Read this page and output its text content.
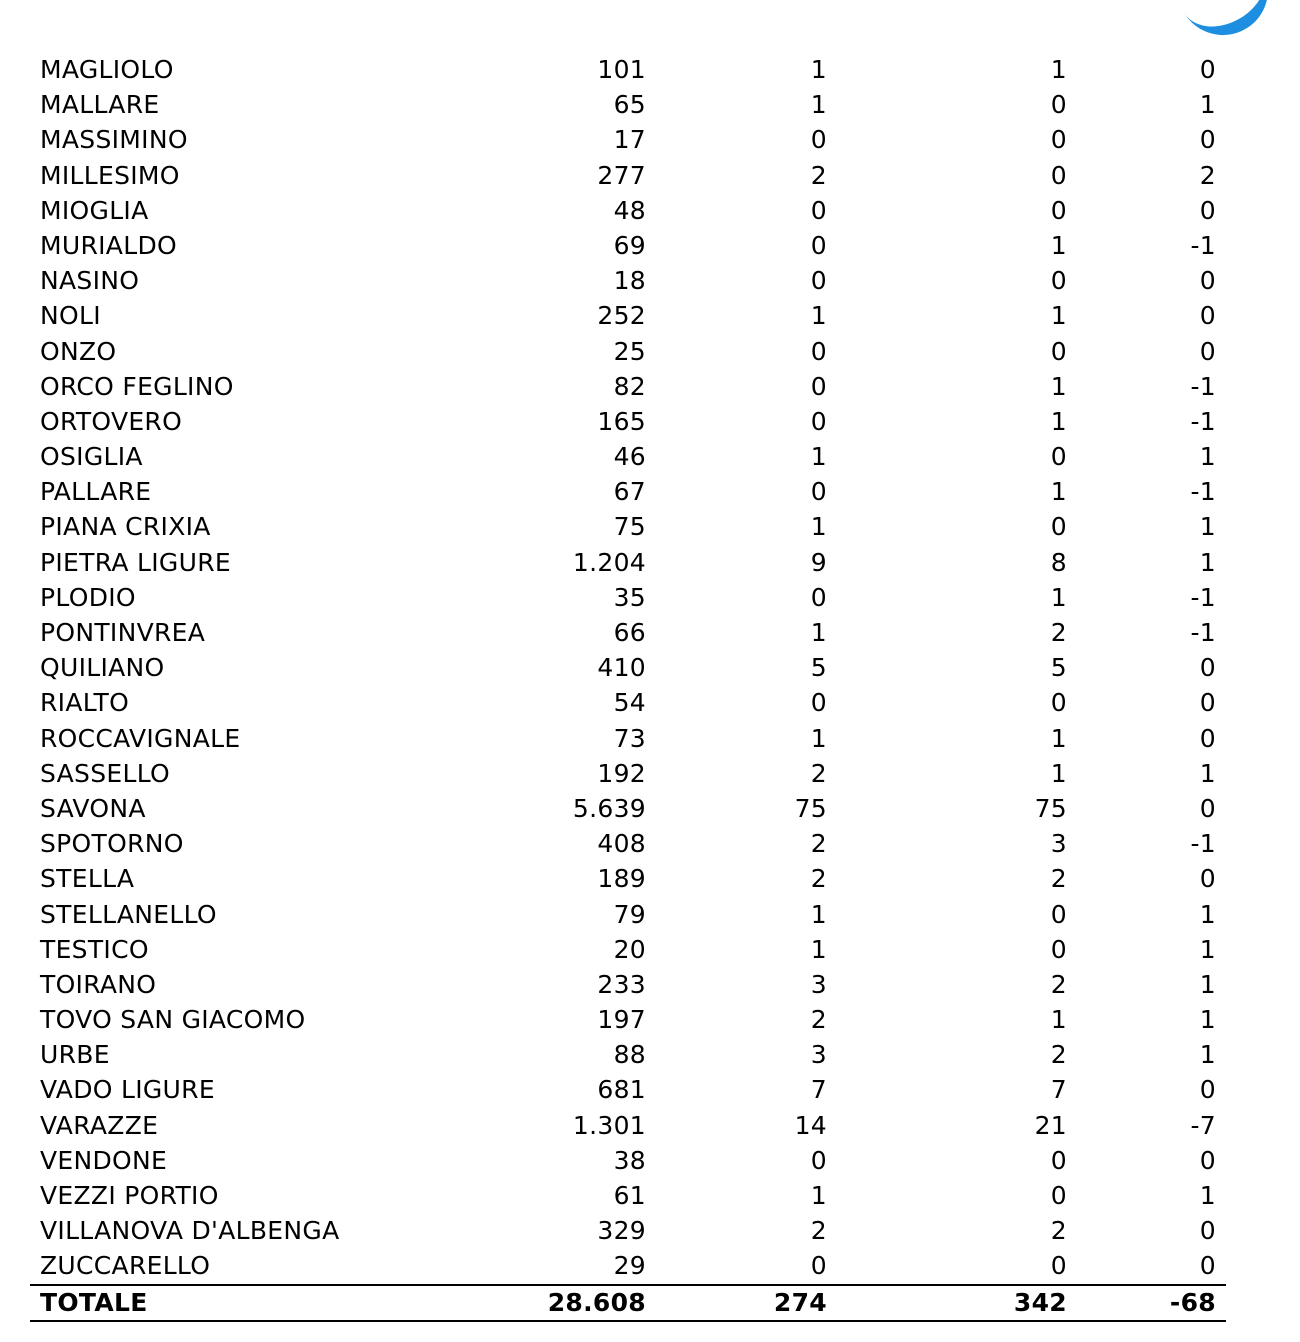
MAGLIOLO	101	1	1	0
MALLARE	65	1	0	1
MASSIMINO	17	0	0	0
MILLESIMO	277	2	0	2
MIOGLIA	48	0	0	0
MURIALDO	69	0	1	-1
NASINO	18	0	0	0
NOLI	252	1	1	0
ONZO	25	0	0	0
ORCO FEGLINO	82	0	1	-1
ORTOVERO	165	0	1	-1
OSIGLIA	46	1	0	1
PALLARE	67	0	1	-1
PIANA CRIXIA	75	1	0	1
PIETRA LIGURE	1.204	9	8	1
PLODIO	35	0	1	-1
PONTINVREA	66	1	2	-1
QUILIANO	410	5	5	0
RIALTO	54	0	0	0
ROCCAVIGNALE	73	1	1	0
SASSELLO	192	2	1	1
SAVONA	5.639	75	75	0
SPOTORNO	408	2	3	-1
STELLA	189	2	2	0
STELLANELLO	79	1	0	1
TESTICO	20	1	0	1
TOIRANO	233	3	2	1
TOVO SAN GIACOMO	197	2	1	1
URBE	88	3	2	1
VADO LIGURE	681	7	7	0
VARAZZE	1.301	14	21	-7
VENDONE	38	0	0	0
VEZZI PORTIO	61	1	0	1
VILLANOVA D'ALBENGA	329	2	2	0
ZUCCARELLO	29	0	0	0
TOTALE	28.608	274	342	-68
